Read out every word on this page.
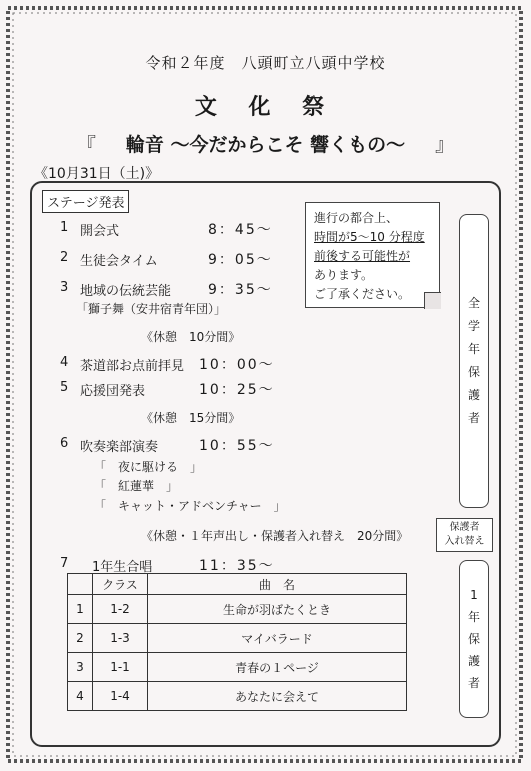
令和２年度　八頭町立八頭中学校
文 化 祭
『 輪音 ～今だからこそ 響くもの～ 』
《10月31日（土)》
ステージ発表
1 開会式	8：45～
2 生徒会タイム	9：05～
3 地域の伝統芸能	9：35～
「獅子舞（安井宿青年団）」
《休憩　10分間》
4 茶道部お点前拝見 10：00～
5 応援団発表	10：25～
《休憩　15分間》
6 吹奏楽部演奏	10：55～
「　夜に駆ける　」
「　紅蓮華　」
「　キャット・アドベンチャー　」
《休憩・１年声出し・保護者入れ替え　20分間》
7 1年生合唱	11：35～
進行の都合上、
時間が5～10 分程度
前後する可能性が
あります。
ご了承ください。
全学年保護者
保護者
入れ替え
1年保護者
	クラス	曲　名
1	1-2	生命が羽ばたくとき
2	1-3	マイバラード
3	1-1	青春の１ページ
4	1-4	あなたに会えて
